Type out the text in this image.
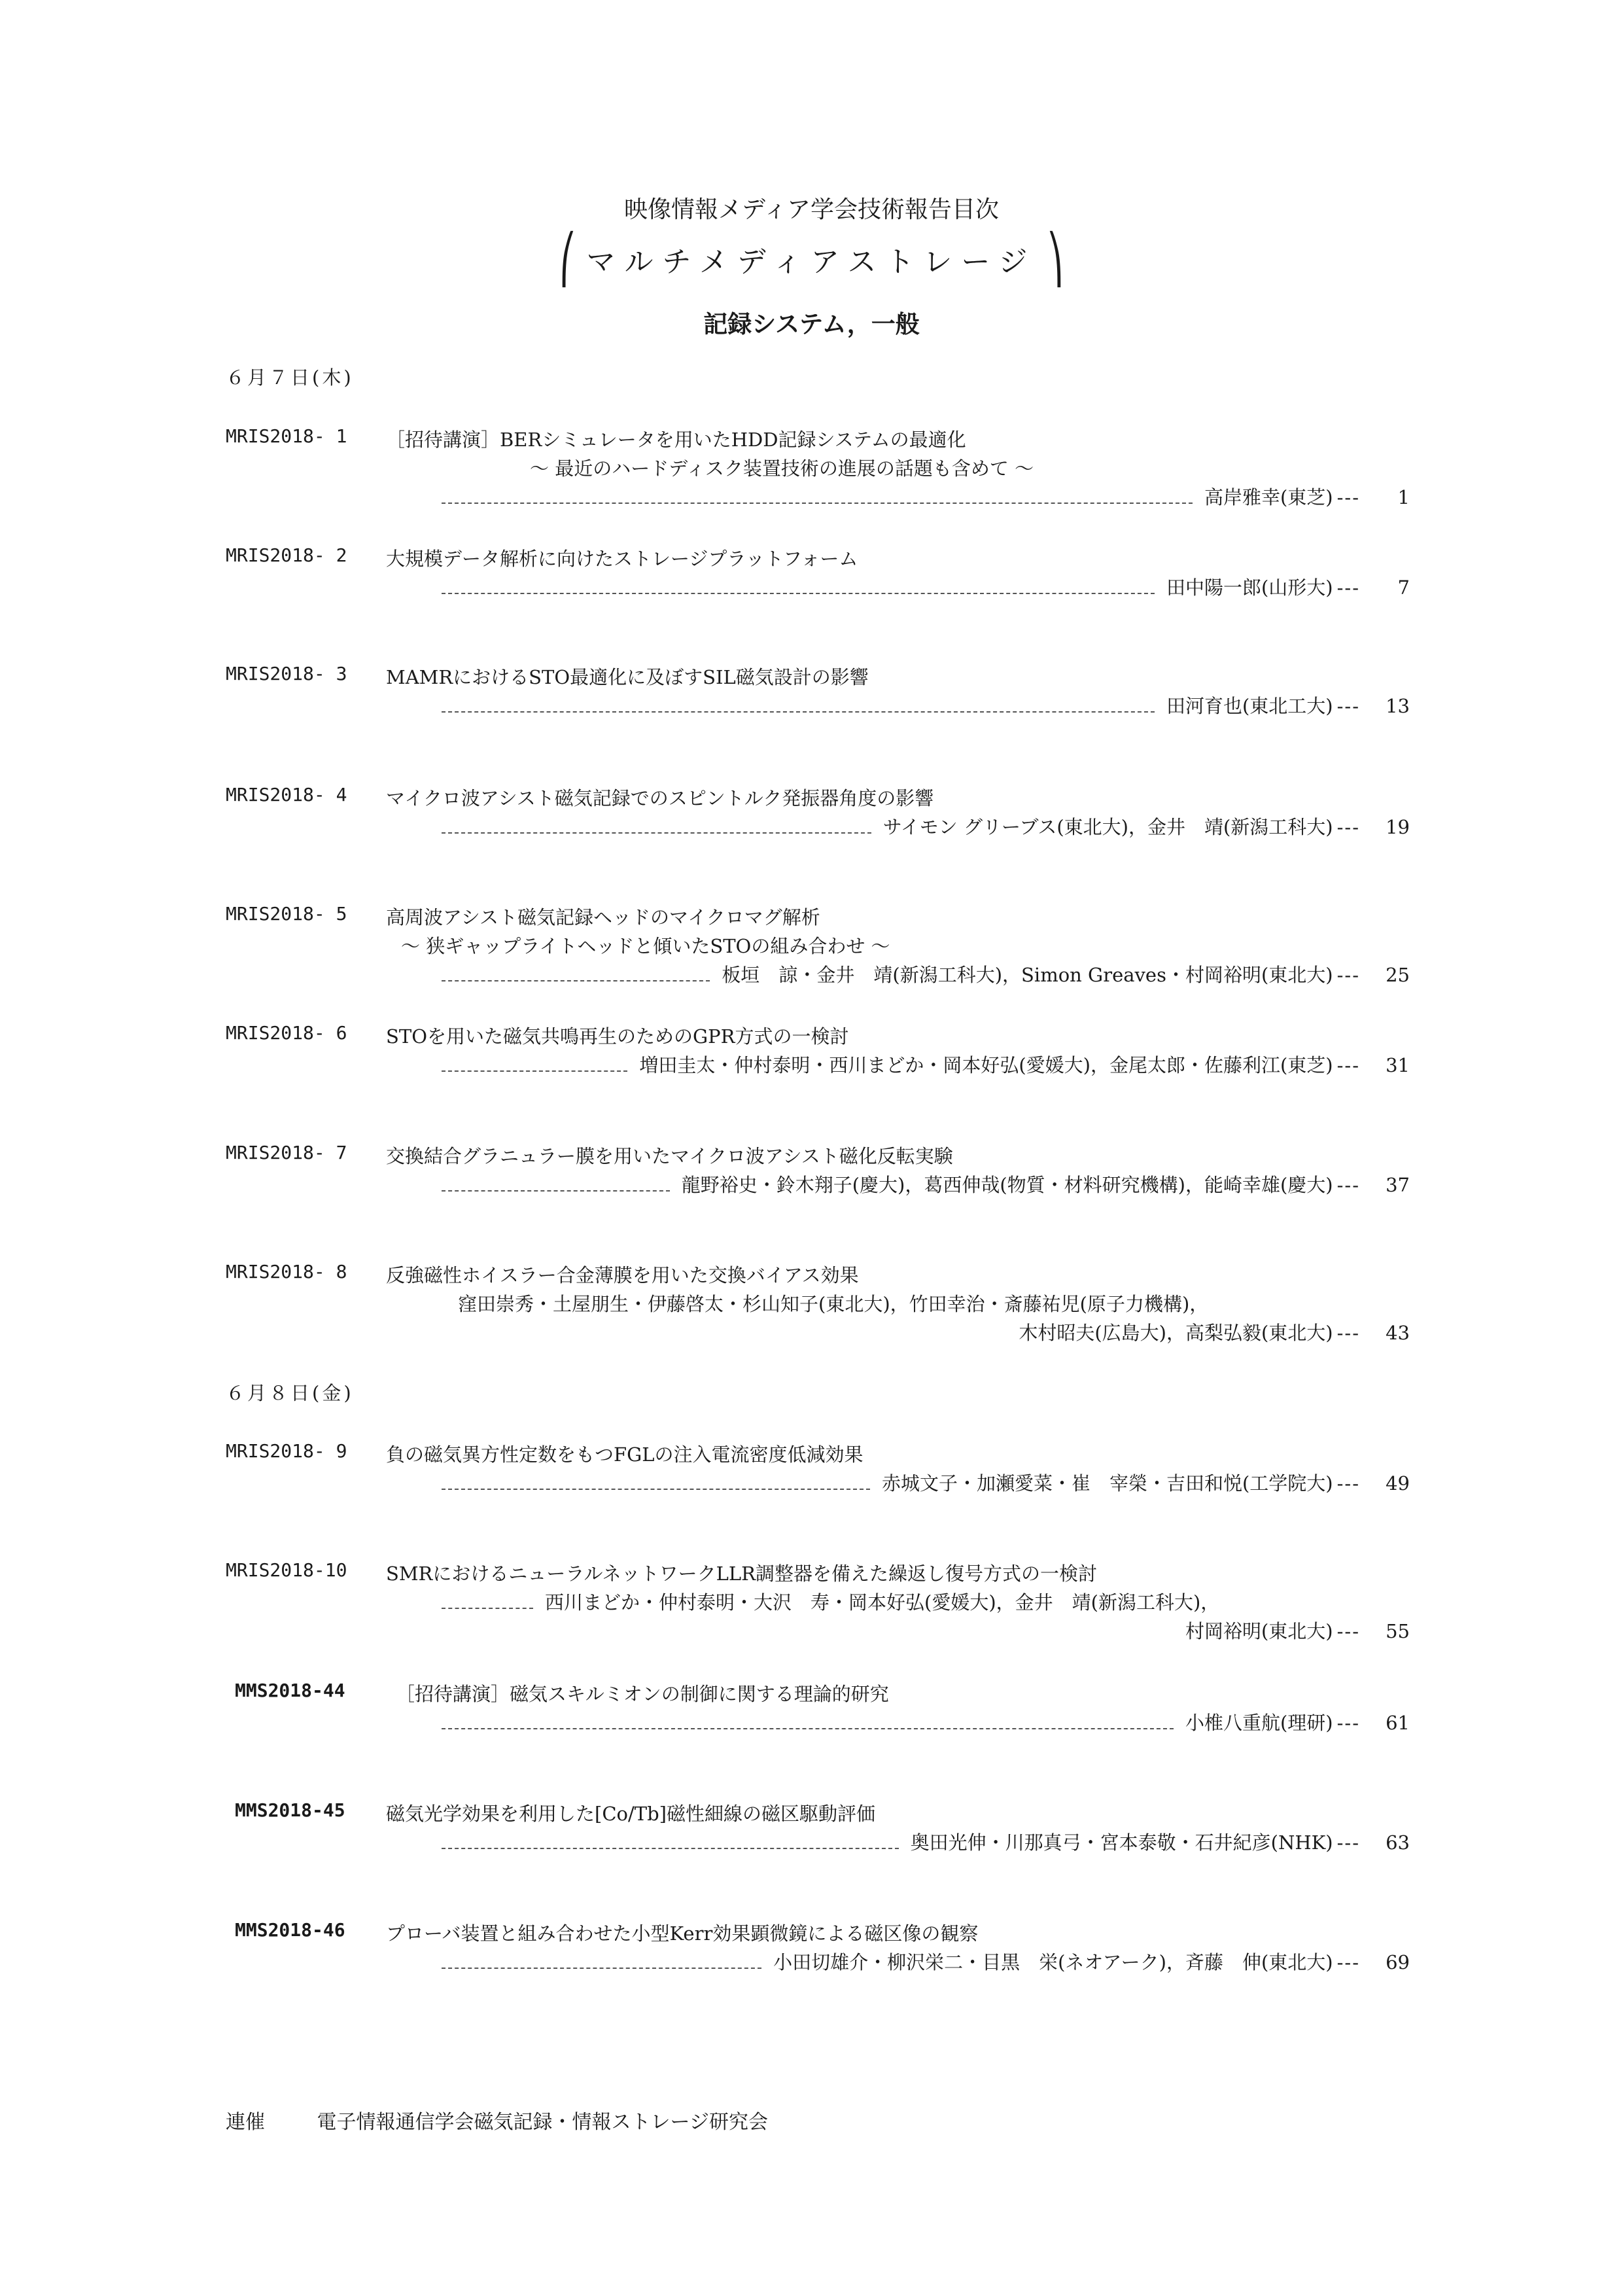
映像情報メディア学会技術報告目次
⎛ マルチメディアストレージ ⎞
記録システム，一般
６月７日(木)
MRIS2018- 1 ［招待講演］BERシミュレータを用いたHDD記録システムの最適化
～ 最近のハードディスク装置技術の進展の話題も含めて ～
高岸雅幸(東芝) ---	1
MRIS2018- 2 大規模データ解析に向けたストレージプラットフォーム
田中陽一郎(山形大) ---	7
MRIS2018- 3 MAMRにおけるSTO最適化に及ぼすSIL磁気設計の影響
田河育也(東北工大) ---	13
MRIS2018- 4 マイクロ波アシスト磁気記録でのスピントルク発振器角度の影響
サイモン グリーブス(東北大)，金井　靖(新潟工科大) ---	19
MRIS2018- 5 高周波アシスト磁気記録ヘッドのマイクロマグ解析
～ 狭ギャップライトヘッドと傾いたSTOの組み合わせ ～
板垣　諒・金井　靖(新潟工科大)，Simon Greaves・村岡裕明(東北大) ---	25
MRIS2018- 6 STOを用いた磁気共鳴再生のためのGPR方式の一検討
増田圭太・仲村泰明・西川まどか・岡本好弘(愛媛大)，金尾太郎・佐藤利江(東芝) ---	31
MRIS2018- 7 交換結合グラニュラー膜を用いたマイクロ波アシスト磁化反転実験
龍野裕史・鈴木翔子(慶大)，葛西伸哉(物質・材料研究機構)，能崎幸雄(慶大) ---	37
MRIS2018- 8 反強磁性ホイスラー合金薄膜を用いた交換バイアス効果
窪田崇秀・土屋朋生・伊藤啓太・杉山知子(東北大)，竹田幸治・斎藤祐児(原子力機構)，
木村昭夫(広島大)，高梨弘毅(東北大) ---	43
６月８日(金)
MRIS2018- 9 負の磁気異方性定数をもつFGLの注入電流密度低減効果
赤城文子・加瀬愛菜・崔　宰榮・吉田和悦(工学院大) ---	49
MRIS2018-10 SMRにおけるニューラルネットワークLLR調整器を備えた繰返し復号方式の一検討
西川まどか・仲村泰明・大沢　寿・岡本好弘(愛媛大)，金井　靖(新潟工科大)，
村岡裕明(東北大) ---	55
MMS2018-44	［招待講演］磁気スキルミオンの制御に関する理論的研究
小椎八重航(理研) ---	61
MMS2018-45 磁気光学効果を利用した[Co/Tb]磁性細線の磁区駆動評価
奥田光伸・川那真弓・宮本泰敬・石井紀彦(NHK) ---	63
MMS2018-46 プローバ装置と組み合わせた小型Kerr効果顕微鏡による磁区像の観察
小田切雄介・柳沢栄二・目黒　栄(ネオアーク)，斉藤　伸(東北大) ---	69
連催	電子情報通信学会磁気記録・情報ストレージ研究会
